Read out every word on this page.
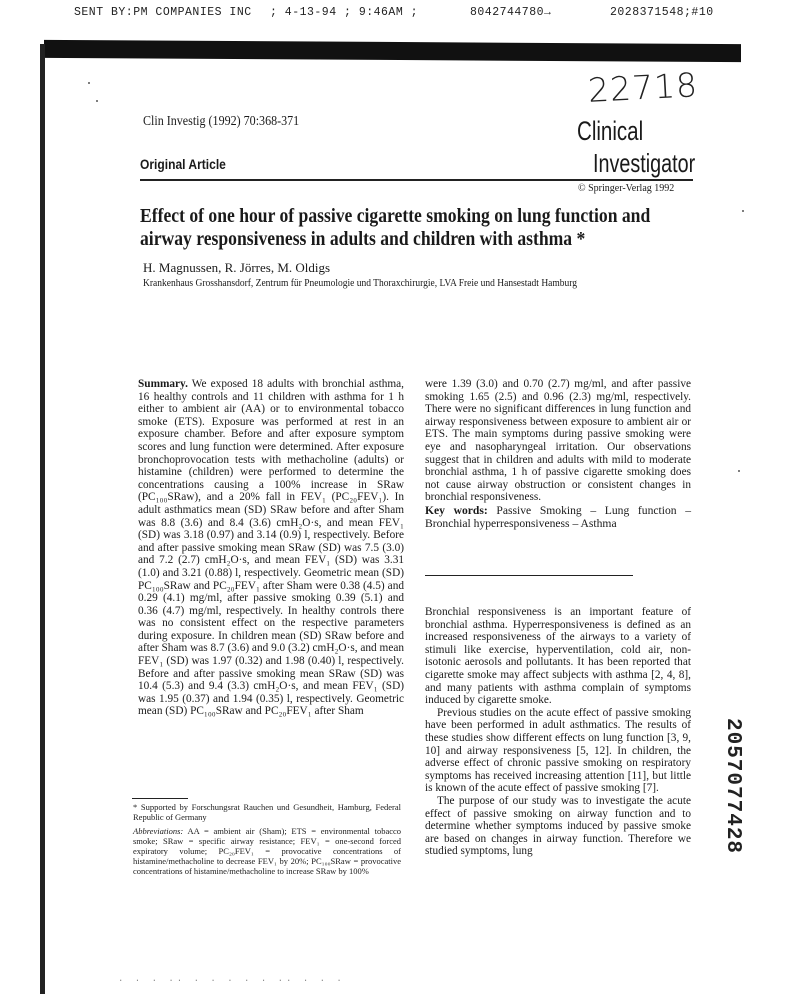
SENT BY:PM COMPANIES INC ; 4-13-94 ; 9:46AM ;	8042744780→	2028371548;#10
· · · ·· · · · · · ·· · · ·
22718
Clin Investig (1992) 70:368-371
Original Article
Clinical
Investigator
© Springer-Verlag 1992
Effect of one hour of passive cigarette smoking on lung function and airway responsiveness in adults and children with asthma *
H. Magnussen, R. Jörres, M. Oldigs
Krankenhaus Grosshansdorf, Zentrum für Pneumologie und Thoraxchirurgie, LVA Freie und Hansestadt Hamburg

Summary. We exposed 18 adults with bronchial asthma, 16 healthy controls and 11 children with asthma for 1 h either to ambient air (AA) or to environmental tobacco smoke (ETS). Exposure was performed at rest in an exposure chamber. Before and after exposure symptom scores and lung function were determined. After exposure bronchoprovocation tests with methacholine (adults) or histamine (children) were performed to determine the concentrations causing a 100% increase in SRaw (PC₁₀₀SRaw), and a 20% fall in FEV₁ (PC₂₀FEV₁). In adult asthmatics mean (SD) SRaw before and after Sham was 8.8 (3.6) and 8.4 (3.6) cmH₂O·s, and mean FEV₁ (SD) was 3.18 (0.97) and 3.14 (0.9) l, respectively. Before and after passive smoking mean SRaw (SD) was 7.5 (3.0) and 7.2 (2.7) cmH₂O·s, and mean FEV₁ (SD) was 3.31 (1.0) and 3.21 (0.88) l, respectively. Geometric mean (SD) PC₁₀₀SRaw and PC₂₀FEV₁ after Sham were 0.38 (4.5) and 0.29 (4.1) mg/ml, after passive smoking 0.39 (5.1) and 0.36 (4.7) mg/ml, respectively. In healthy controls there was no consistent effect on the respective parameters during exposure. In children mean (SD) SRaw before and after Sham was 8.7 (3.6) and 9.0 (3.2) cmH₂O·s, and mean FEV₁ (SD) was 1.97 (0.32) and 1.98 (0.40) l, respectively. Before and after passive smoking mean SRaw (SD) was 10.4 (5.3) and 9.4 (3.3) cmH₂O·s, and mean FEV₁ (SD) was 1.95 (0.37) and 1.94 (0.35) l, respectively. Geometric mean (SD) PC₁₀₀SRaw and PC₂₀FEV₁ after Sham

were 1.39 (3.0) and 0.70 (2.7) mg/ml, and after passive smoking 1.65 (2.5) and 0.96 (2.3) mg/ml, respectively. There were no significant differences in lung function and airway responsiveness between exposure to ambient air or ETS. The main symptoms during passive smoking were eye and nasopharyngeal irritation. Our observations suggest that in children and adults with mild to moderate bronchial asthma, 1 h of passive cigarette smoking does not cause airway obstruction or consistent changes in bronchial responsiveness.

Key words: Passive Smoking – Lung function – Bronchial hyperresponsiveness – Asthma

Bronchial responsiveness is an important feature of bronchial asthma. Hyperresponsiveness is defined as an increased responsiveness of the airways to a variety of stimuli like exercise, hyperventilation, cold air, non-isotonic aerosols and pollutants. It has been reported that cigarette smoke may affect subjects with asthma [2, 4, 8], and many patients with asthma complain of symptoms induced by cigarette smoke.

Previous studies on the acute effect of passive smoking have been performed in adult asthmatics. The results of these studies show different effects on lung function [3, 9, 10] and airway responsiveness [5, 12]. In children, the adverse effect of chronic passive smoking on respiratory symptoms has received increasing attention [11], but little is known of the acute effect of passive smoking [7].

The purpose of our study was to investigate the acute effect of passive smoking on airway function and to determine whether symptoms induced by passive smoke are based on changes in airway function. Therefore we studied symptoms, lung

* Supported by Forschungsrat Rauchen und Gesundheit, Hamburg, Federal Republic of Germany

Abbreviations: AA = ambient air (Sham); ETS = environmental tobacco smoke; SRaw = specific airway resistance; FEV₁ = one-second forced expiratory volume; PC₂₀FEV₁ = provocative concentrations of histamine/methacholine to decrease FEV₁ by 20%; PC₁₀₀SRaw = provocative concentrations of histamine/methacholine to increase SRaw by 100%

2057077428
